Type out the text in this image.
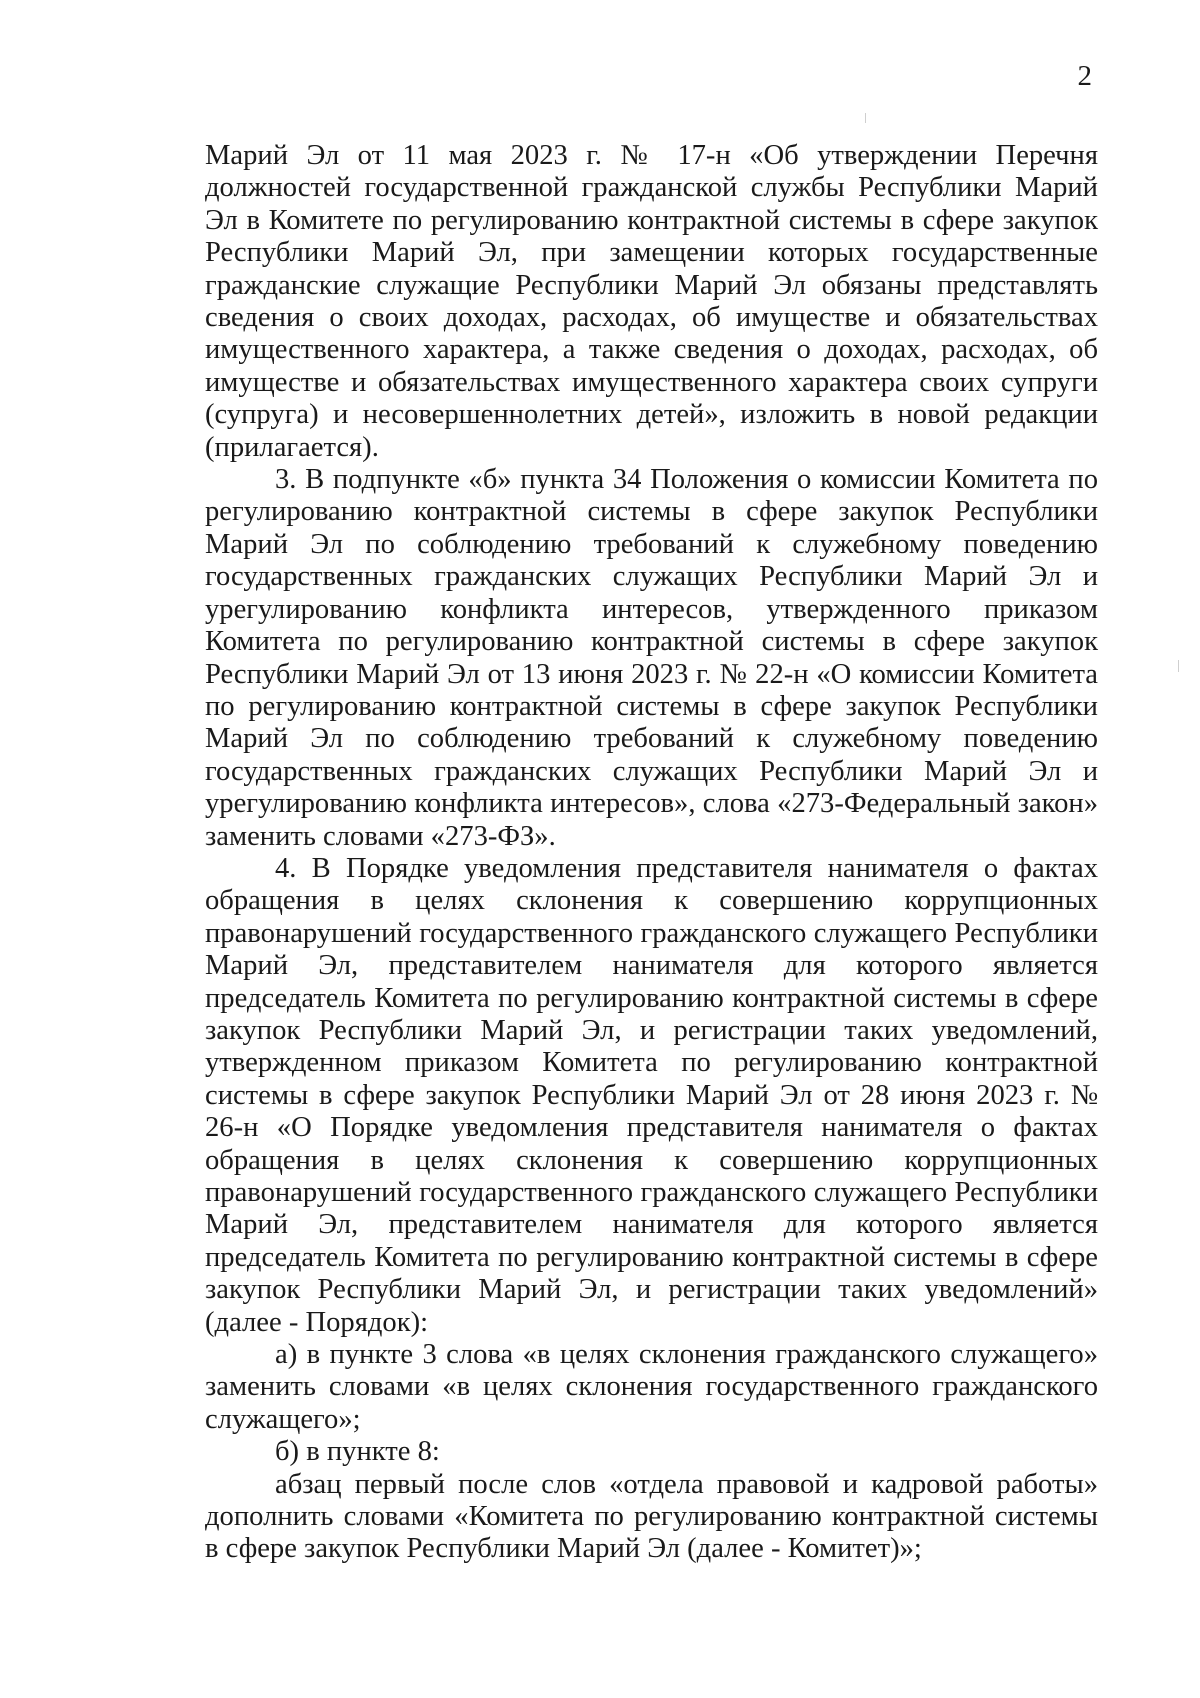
2

Марий Эл от 11 мая 2023 г. № 17-н «Об утверждении Перечня должностей государственной гражданской службы Республики Марий Эл в Комитете по регулированию контрактной системы в сфере закупок Республики Марий Эл, при замещении которых государственные гражданские служащие Республики Марий Эл обязаны представлять сведения о своих доходах, расходах, об имуществе и обязательствах имущественного характера, а также сведения о доходах, расходах, об имуществе и обязательствах имущественного характера своих супруги (супруга) и несовершеннолетних детей», изложить в новой редакции (прилагается).

3. В подпункте «б» пункта 34 Положения о комиссии Комитета по регулированию контрактной системы в сфере закупок Республики Марий Эл по соблюдению требований к служебному поведению государственных гражданских служащих Республики Марий Эл и урегулированию конфликта интересов, утвержденного приказом Комитета по регулированию контрактной системы в сфере закупок Республики Марий Эл от 13 июня 2023 г. № 22-н «О комиссии Комитета по регулированию контрактной системы в сфере закупок Республики Марий Эл по соблюдению требований к служебному поведению государственных гражданских служащих Республики Марий Эл и урегулированию конфликта интересов», слова «273-Федеральный закон» заменить словами «273-ФЗ».

4. В Порядке уведомления представителя нанимателя о фактах обращения в целях склонения к совершению коррупционных правонарушений государственного гражданского служащего Республики Марий Эл, представителем нанимателя для которого является председатель Комитета по регулированию контрактной системы в сфере закупок Республики Марий Эл, и регистрации таких уведомлений, утвержденном приказом Комитета по регулированию контрактной системы в сфере закупок Республики Марий Эл от 28 июня 2023 г. № 26-н «О Порядке уведомления представителя нанимателя о фактах обращения в целях склонения к совершению коррупционных правонарушений государственного гражданского служащего Республики Марий Эл, представителем нанимателя для которого является председатель Комитета по регулированию контрактной системы в сфере закупок Республики Марий Эл, и регистрации таких уведомлений» (далее - Порядок):

а) в пункте 3 слова «в целях склонения гражданского служащего» заменить словами «в целях склонения государственного гражданского служащего»;

б) в пункте 8:

абзац первый после слов «отдела правовой и кадровой работы» дополнить словами «Комитета по регулированию контрактной системы в сфере закупок Республики Марий Эл (далее - Комитет)»;
